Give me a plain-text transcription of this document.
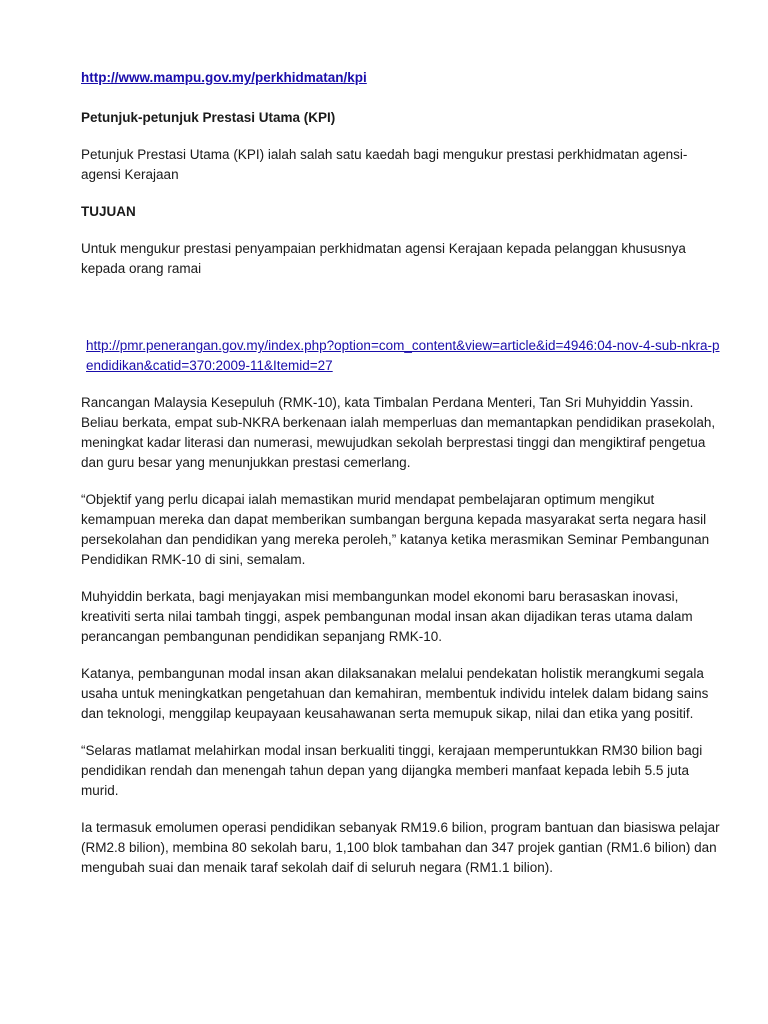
http://www.mampu.gov.my/perkhidmatan/kpi
Petunjuk-petunjuk Prestasi Utama (KPI)

Petunjuk Prestasi Utama (KPI) ialah salah satu kaedah bagi mengukur prestasi perkhidmatan agensi-agensi Kerajaan

TUJUAN

Untuk mengukur prestasi penyampaian perkhidmatan agensi Kerajaan kepada pelanggan khususnya kepada orang ramai

http://pmr.penerangan.gov.my/index.php?option=com_content&view=article&id=4946:04-nov-4-sub-nkra-pendidikan&catid=370:2009-11&Itemid=27

Rancangan Malaysia Kesepuluh (RMK-10), kata Timbalan Perdana Menteri, Tan Sri Muhyiddin Yassin. Beliau berkata, empat sub-NKRA berkenaan ialah memperluas dan memantapkan pendidikan prasekolah, meningkat kadar literasi dan numerasi, mewujudkan sekolah berprestasi tinggi dan mengiktiraf pengetua dan guru besar yang menunjukkan prestasi cemerlang.

“Objektif yang perlu dicapai ialah memastikan murid mendapat pembelajaran optimum mengikut kemampuan mereka dan dapat memberikan sumbangan berguna kepada masyarakat serta negara hasil persekolahan dan pendidikan yang mereka peroleh,” katanya ketika merasmikan Seminar Pembangunan Pendidikan RMK-10 di sini, semalam.

Muhyiddin berkata, bagi menjayakan misi membangunkan model ekonomi baru berasaskan inovasi, kreativiti serta nilai tambah tinggi, aspek pembangunan modal insan akan dijadikan teras utama dalam perancangan pembangunan pendidikan sepanjang RMK-10.

Katanya, pembangunan modal insan akan dilaksanakan melalui pendekatan holistik merangkumi segala usaha untuk meningkatkan pengetahuan dan kemahiran, membentuk individu intelek dalam bidang sains dan teknologi, menggilap keupayaan keusahawanan serta memupuk sikap, nilai dan etika yang positif.

“Selaras matlamat melahirkan modal insan berkualiti tinggi, kerajaan memperuntukkan RM30 bilion bagi pendidikan rendah dan menengah tahun depan yang dijangka memberi manfaat kepada lebih 5.5 juta murid.

Ia termasuk emolumen operasi pendidikan sebanyak RM19.6 bilion, program bantuan dan biasiswa pelajar (RM2.8 bilion), membina 80 sekolah baru, 1,100 blok tambahan dan 347 projek gantian (RM1.6 bilion) dan mengubah suai dan menaik taraf sekolah daif di seluruh negara (RM1.1 bilion).
